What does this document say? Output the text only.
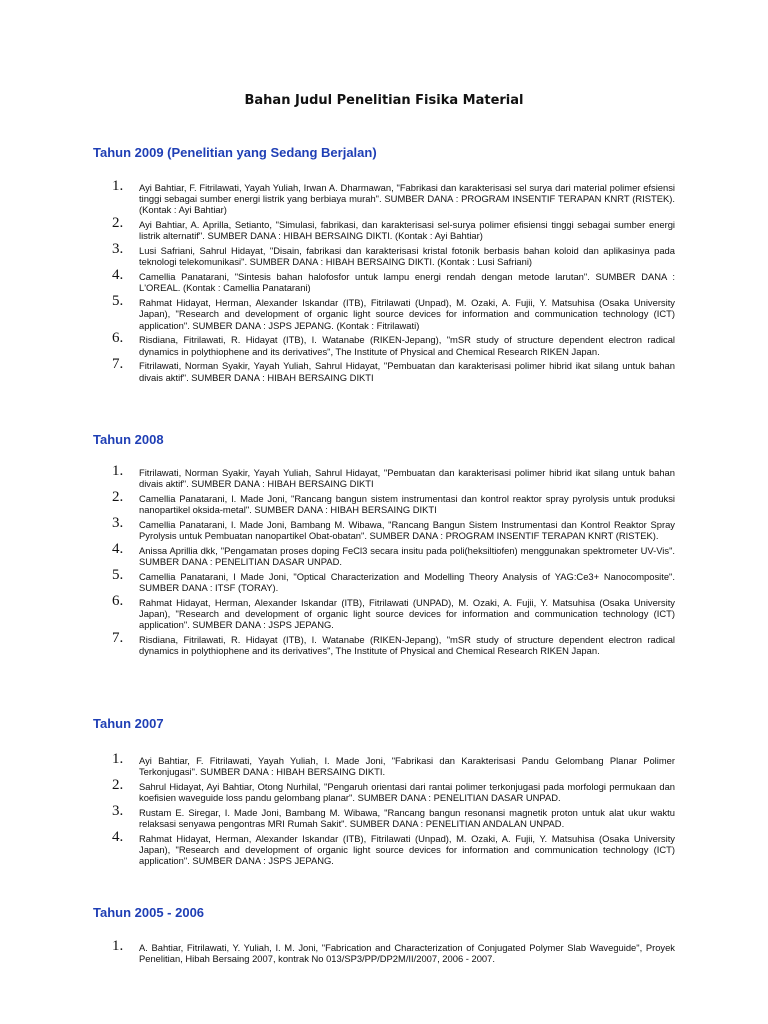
Bahan Judul Penelitian Fisika Material
Tahun 2009 (Penelitian yang Sedang Berjalan)
1. Ayi Bahtiar, F. Fitrilawati, Yayah Yuliah, Irwan A. Dharmawan, "Fabrikasi dan karakterisasi sel surya dari material polimer efsiensi tinggi sebagai sumber energi listrik yang berbiaya murah". SUMBER DANA : PROGRAM INSENTIF TERAPAN KNRT (RISTEK). (Kontak : Ayi Bahtiar)
2. Ayi Bahtiar, A. Aprilla, Setianto, "Simulasi, fabrikasi, dan karakterisasi sel-surya polimer efisiensi tinggi sebagai sumber energi listrik alternatif". SUMBER DANA : HIBAH BERSAING DIKTI. (Kontak : Ayi Bahtiar)
3. Lusi Safriani, Sahrul Hidayat, "Disain, fabrikasi dan karakterisasi kristal fotonik berbasis bahan koloid dan aplikasinya pada teknologi telekomunikasi". SUMBER DANA : HIBAH BERSAING DIKTI. (Kontak : Lusi Safriani)
4. Camellia Panatarani, "Sintesis bahan halofosfor untuk lampu energi rendah dengan metode larutan". SUMBER DANA : L'OREAL. (Kontak : Camellia Panatarani)
5. Rahmat Hidayat, Herman, Alexander Iskandar (ITB), Fitrilawati (Unpad), M. Ozaki, A. Fujii, Y. Matsuhisa (Osaka University Japan), "Research and development of organic light source devices for information and communication technology (ICT) application". SUMBER DANA : JSPS JEPANG. (Kontak : Fitrilawati)
6. Risdiana, Fitrilawati, R. Hidayat (ITB), I. Watanabe (RIKEN-Jepang), "mSR study of structure dependent electron radical dynamics in polythiophene and its derivatives", The Institute of Physical and Chemical Research RIKEN Japan.
7. Fitrilawati, Norman Syakir, Yayah Yuliah, Sahrul Hidayat, "Pembuatan dan karakterisasi polimer hibrid ikat silang untuk bahan divais aktif". SUMBER DANA : HIBAH BERSAING DIKTI
Tahun 2008
1. Fitrilawati, Norman Syakir, Yayah Yuliah, Sahrul Hidayat, "Pembuatan dan karakterisasi polimer hibrid ikat silang untuk bahan divais aktif". SUMBER DANA : HIBAH BERSAING DIKTI
2. Camellia Panatarani, I. Made Joni, "Rancang bangun sistem instrumentasi dan kontrol reaktor spray pyrolysis untuk produksi nanopartikel oksida-metal". SUMBER DANA : HIBAH BERSAING DIKTI
3. Camellia Panatarani, I. Made Joni, Bambang M. Wibawa, "Rancang Bangun Sistem Instrumentasi dan Kontrol Reaktor Spray Pyrolysis untuk Pembuatan nanopartikel Obat-obatan". SUMBER DANA : PROGRAM INSENTIF TERAPAN KNRT (RISTEK).
4. Anissa Aprillia dkk, "Pengamatan proses doping FeCl3 secara insitu pada poli(heksiltiofen) menggunakan spektrometer UV-Vis". SUMBER DANA : PENELITIAN DASAR UNPAD.
5. Camellia Panatarani, I Made Joni, "Optical Characterization and Modelling Theory Analysis of YAG:Ce3+ Nanocomposite". SUMBER DANA : ITSF (TORAY).
6. Rahmat Hidayat, Herman, Alexander Iskandar (ITB), Fitrilawati (UNPAD), M. Ozaki, A. Fujii, Y. Matsuhisa (Osaka University Japan), "Research and development of organic light source devices for information and communication technology (ICT) application". SUMBER DANA : JSPS JEPANG.
7. Risdiana, Fitrilawati, R. Hidayat (ITB), I. Watanabe (RIKEN-Jepang), "mSR study of structure dependent electron radical dynamics in polythiophene and its derivatives", The Institute of Physical and Chemical Research RIKEN Japan.
Tahun 2007
1. Ayi Bahtiar, F. Fitrilawati, Yayah Yuliah, I. Made Joni, "Fabrikasi dan Karakterisasi Pandu Gelombang Planar Polimer Terkonjugasi". SUMBER DANA : HIBAH BERSAING DIKTI.
2. Sahrul Hidayat, Ayi Bahtiar, Otong Nurhilal, "Pengaruh orientasi dari rantai polimer terkonjugasi pada morfologi permukaan dan koefisien waveguide loss pandu gelombang planar". SUMBER DANA : PENELITIAN DASAR UNPAD.
3. Rustam E. Siregar, I. Made Joni, Bambang M. Wibawa, "Rancang bangun resonansi magnetik proton untuk alat ukur waktu relaksasi senyawa pengontras MRI Rumah Sakit". SUMBER DANA : PENELITIAN ANDALAN UNPAD.
4. Rahmat Hidayat, Herman, Alexander Iskandar (ITB), Fitrilawati (Unpad), M. Ozaki, A. Fujii, Y. Matsuhisa (Osaka University Japan), "Research and development of organic light source devices for information and communication technology (ICT) application". SUMBER DANA : JSPS JEPANG.
Tahun 2005 - 2006
1. A. Bahtiar, Fitrilawati, Y. Yuliah, I. M. Joni, "Fabrication and Characterization of Conjugated Polymer Slab Waveguide", Proyek Penelitian, Hibah Bersaing 2007, kontrak No 013/SP3/PP/DP2M/II/2007, 2006 - 2007.
